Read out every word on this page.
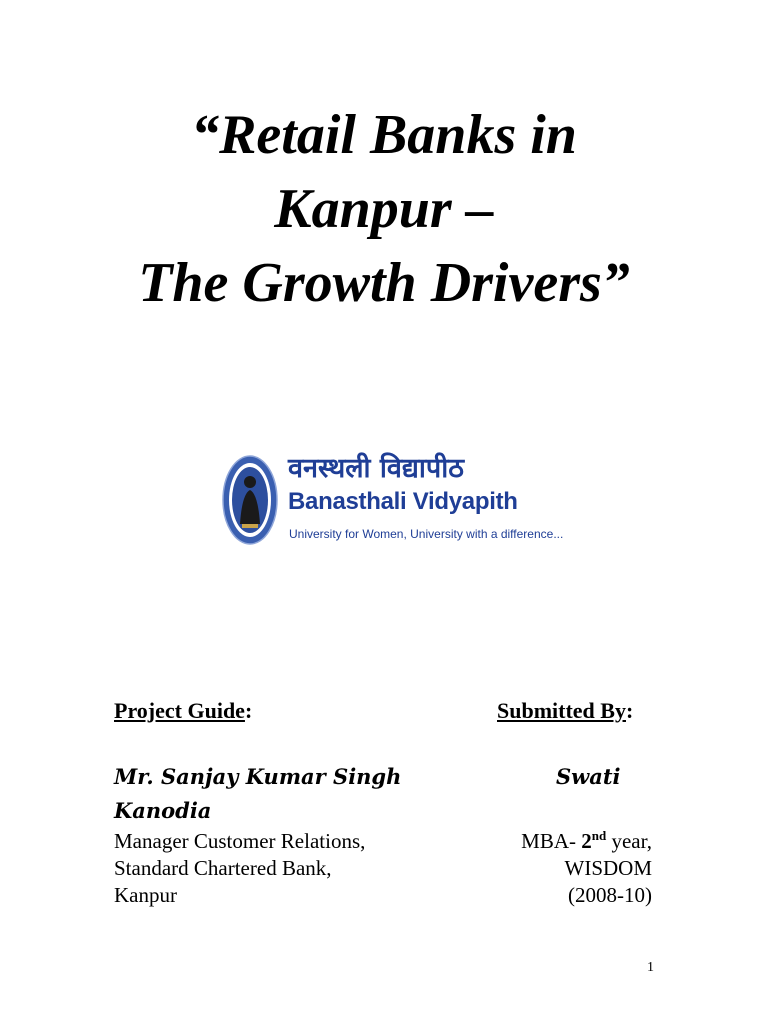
“Retail Banks in
Kanpur –
The Growth Drivers”
वनस्थली विद्यापीठ
Banasthali Vidyapith
University for Women, University with a difference...
Project Guide:	Submitted By:
Mr. Sanjay Kumar Singh
Kanodia
Swati
Manager Customer Relations,
Standard Chartered Bank,
Kanpur
MBA- 2nd year,
WISDOM
(2008-10)
1
